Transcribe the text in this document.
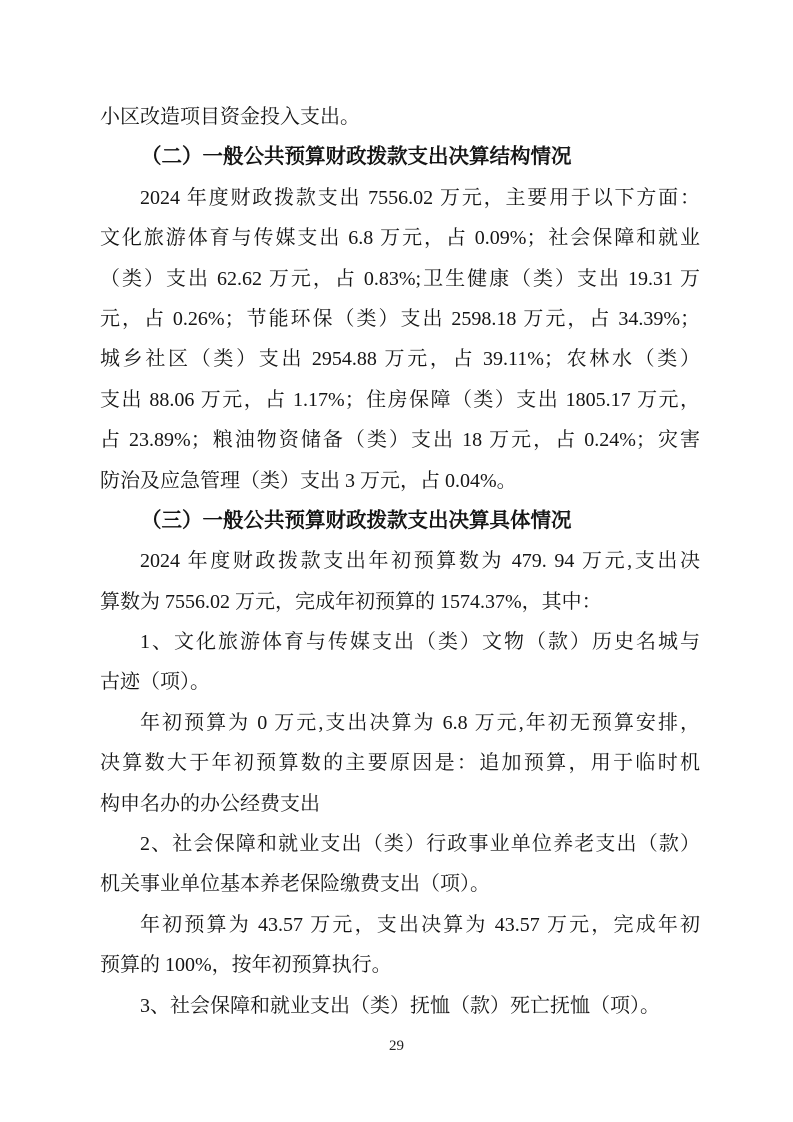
小区改造项目资金投入支出。
（二）一般公共预算财政拨款支出决算结构情况
2024 年度财政拨款支出 7556.02 万元，主要用于以下方面：
文化旅游体育与传媒支出 6.8 万元，占 0.09%；社会保障和就业
（类）支出 62.62 万元，占 0.83%;卫生健康（类）支出 19.31 万
元，占 0.26%；节能环保（类）支出 2598.18 万元，占 34.39%；
城乡社区（类）支出 2954.88 万元，占 39.11%；农林水（类）
支出 88.06 万元，占 1.17%；住房保障（类）支出 1805.17 万元，
占 23.89%；粮油物资储备（类）支出 18 万元，占 0.24%；灾害
防治及应急管理（类）支出 3 万元，占 0.04%。
（三）一般公共预算财政拨款支出决算具体情况
2024 年度财政拨款支出年初预算数为 479. 94 万元,支出决
算数为 7556.02 万元，完成年初预算的 1574.37%，其中：
1、文化旅游体育与传媒支出（类）文物（款）历史名城与
古迹（项）。
年初预算为 0 万元,支出决算为 6.8 万元,年初无预算安排，
决算数大于年初预算数的主要原因是：追加预算，用于临时机
构申名办的办公经费支出
2、社会保障和就业支出（类）行政事业单位养老支出（款）
机关事业单位基本养老保险缴费支出（项）。
年初预算为 43.57 万元，支出决算为 43.57 万元，完成年初
预算的 100%，按年初预算执行。
3、社会保障和就业支出（类）抚恤（款）死亡抚恤（项）。
29
